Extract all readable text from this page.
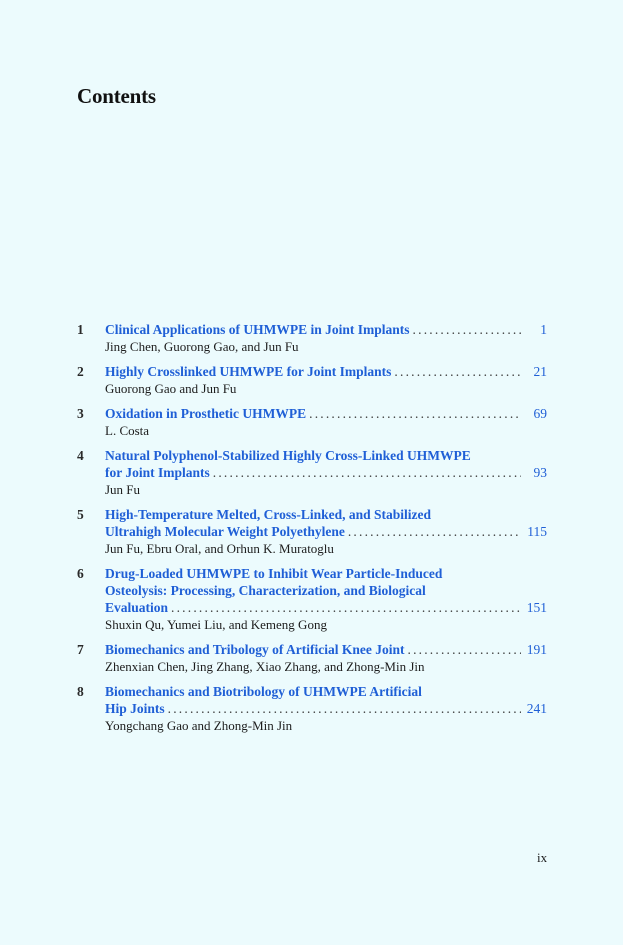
Contents
1 Clinical Applications of UHMWPE in Joint Implants .....	1
Jing Chen, Guorong Gao, and Jun Fu
2 Highly Crosslinked UHMWPE for Joint Implants .....	21
Guorong Gao and Jun Fu
3 Oxidation in Prosthetic UHMWPE .....	69
L. Costa
4 Natural Polyphenol-Stabilized Highly Cross-Linked UHMWPE
for Joint Implants .....	93
Jun Fu
5 High-Temperature Melted, Cross-Linked, and Stabilized
Ultrahigh Molecular Weight Polyethylene .....	115
Jun Fu, Ebru Oral, and Orhun K. Muratoglu
6 Drug-Loaded UHMWPE to Inhibit Wear Particle-Induced
Osteolysis: Processing, Characterization, and Biological
Evaluation .....	151
Shuxin Qu, Yumei Liu, and Kemeng Gong
7 Biomechanics and Tribology of Artificial Knee Joint .....	191
Zhenxian Chen, Jing Zhang, Xiao Zhang, and Zhong-Min Jin
8 Biomechanics and Biotribology of UHMWPE Artificial
Hip Joints .....	241
Yongchang Gao and Zhong-Min Jin
ix
